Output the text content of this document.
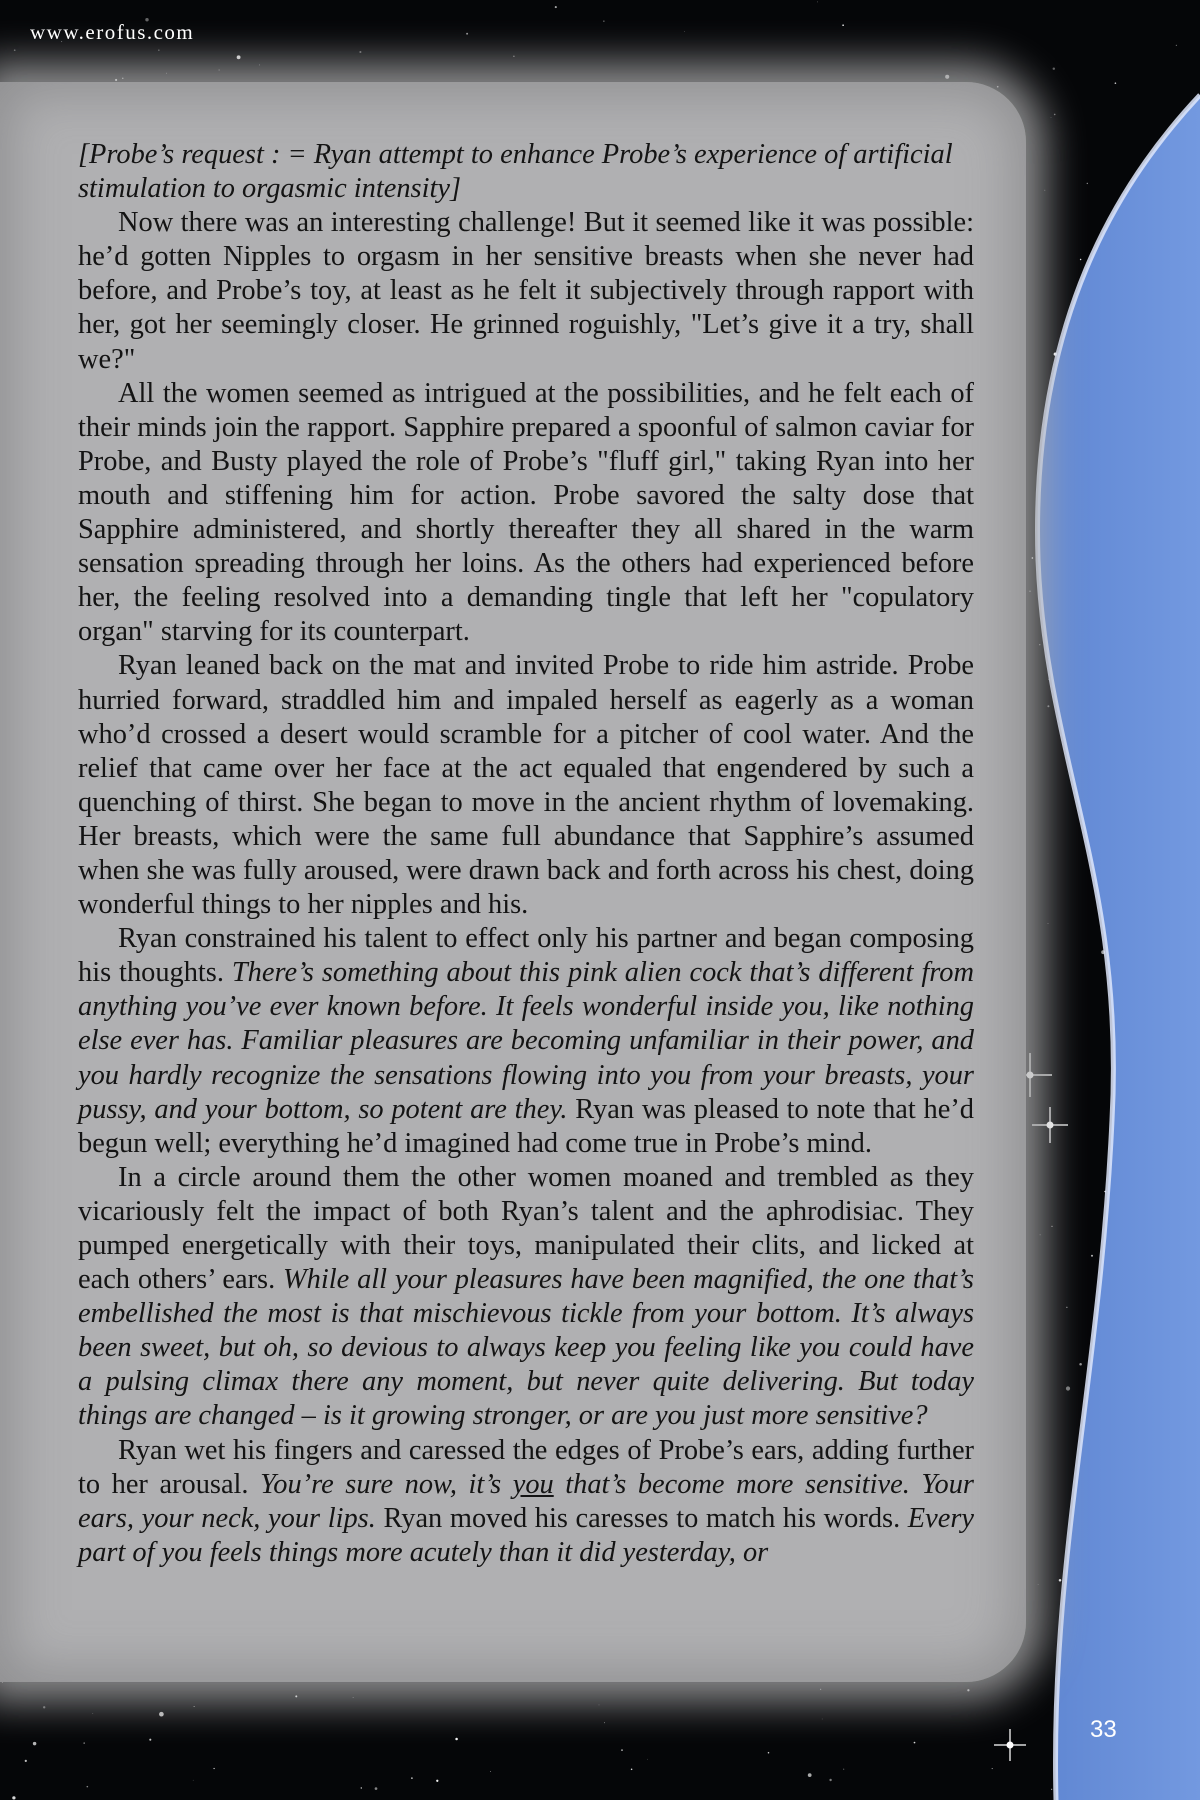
www.erofus.com

[Probe’s request : = Ryan attempt to enhance Probe’s experience of artificial stimulation to orgasmic intensity]

Now there was an interesting challenge! But it seemed like it was possible: he’d gotten Nipples to orgasm in her sensitive breasts when she never had before, and Probe’s toy, at least as he felt it subjectively through rapport with her, got her seemingly closer. He grinned roguishly, "Let’s give it a try, shall we?"

All the women seemed as intrigued at the possibilities, and he felt each of their minds join the rapport. Sapphire prepared a spoonful of salmon caviar for Probe, and Busty played the role of Probe’s "fluff girl," taking Ryan into her mouth and stiffening him for action. Probe savored the salty dose that Sapphire administered, and shortly thereafter they all shared in the warm sensation spreading through her loins. As the others had experienced before her, the feeling resolved into a demanding tingle that left her "copulatory organ" starving for its counterpart.

Ryan leaned back on the mat and invited Probe to ride him astride. Probe hurried forward, straddled him and impaled herself as eagerly as a woman who’d crossed a desert would scramble for a pitcher of cool water. And the relief that came over her face at the act equaled that engendered by such a quenching of thirst. She began to move in the ancient rhythm of lovemaking. Her breasts, which were the same full abundance that Sapphire’s assumed when she was fully aroused, were drawn back and forth across his chest, doing wonderful things to her nipples and his.

Ryan constrained his talent to effect only his partner and began composing his thoughts. There’s something about this pink alien cock that’s different from anything you’ve ever known before. It feels wonderful inside you, like nothing else ever has. Familiar pleasures are becoming unfamiliar in their power, and you hardly recognize the sensations flowing into you from your breasts, your pussy, and your bottom, so potent are they. Ryan was pleased to note that he’d begun well; everything he’d imagined had come true in Probe’s mind.

In a circle around them the other women moaned and trembled as they vicariously felt the impact of both Ryan’s talent and the aphrodisiac. They pumped energetically with their toys, manipulated their clits, and licked at each others’ ears. While all your pleasures have been magnified, the one that’s embellished the most is that mischievous tickle from your bottom. It’s always been sweet, but oh, so devious to always keep you feeling like you could have a pulsing climax there any moment, but never quite delivering. But today things are changed – is it growing stronger, or are you just more sensitive?

Ryan wet his fingers and caressed the edges of Probe’s ears, adding further to her arousal. You’re sure now, it’s you that’s become more sensitive. Your ears, your neck, your lips. Ryan moved his caresses to match his words. Every part of you feels things more acutely than it did yesterday, or

33
